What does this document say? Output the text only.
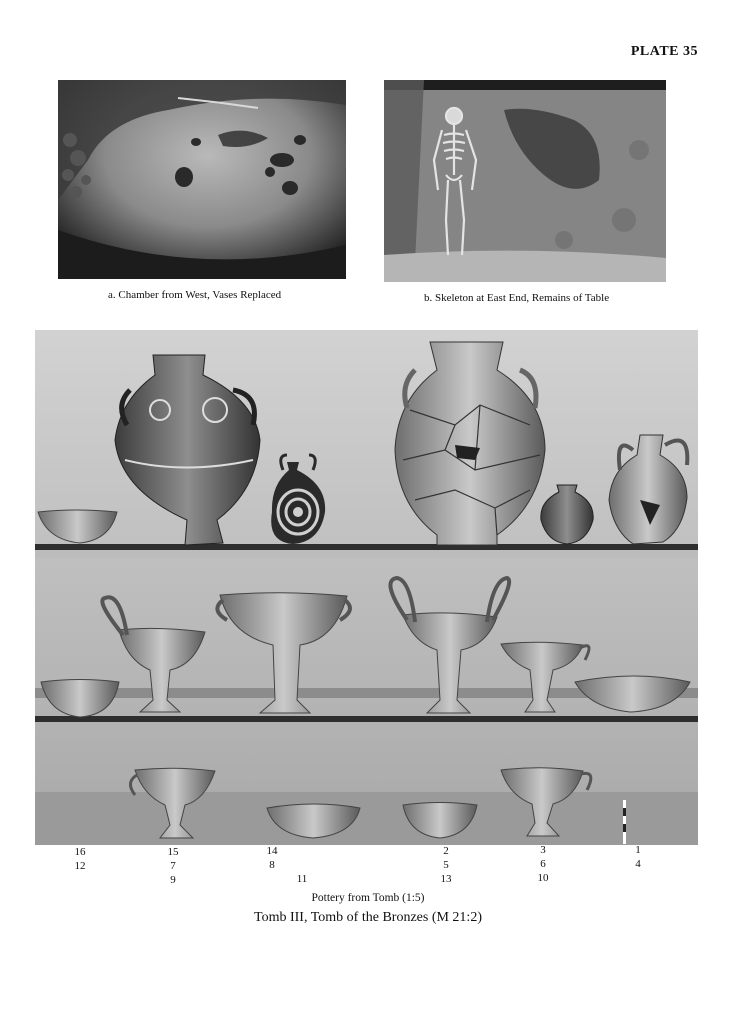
PLATE 35
a. Chamber from West, Vases Replaced	b. Skeleton at East End, Remains of Table
16
12
15
7
9
14
8
11
2
5
13
3
6
10
1
4
Pottery from Tomb (1:5)
Tomb III, Tomb of the Bronzes (M 21:2)
